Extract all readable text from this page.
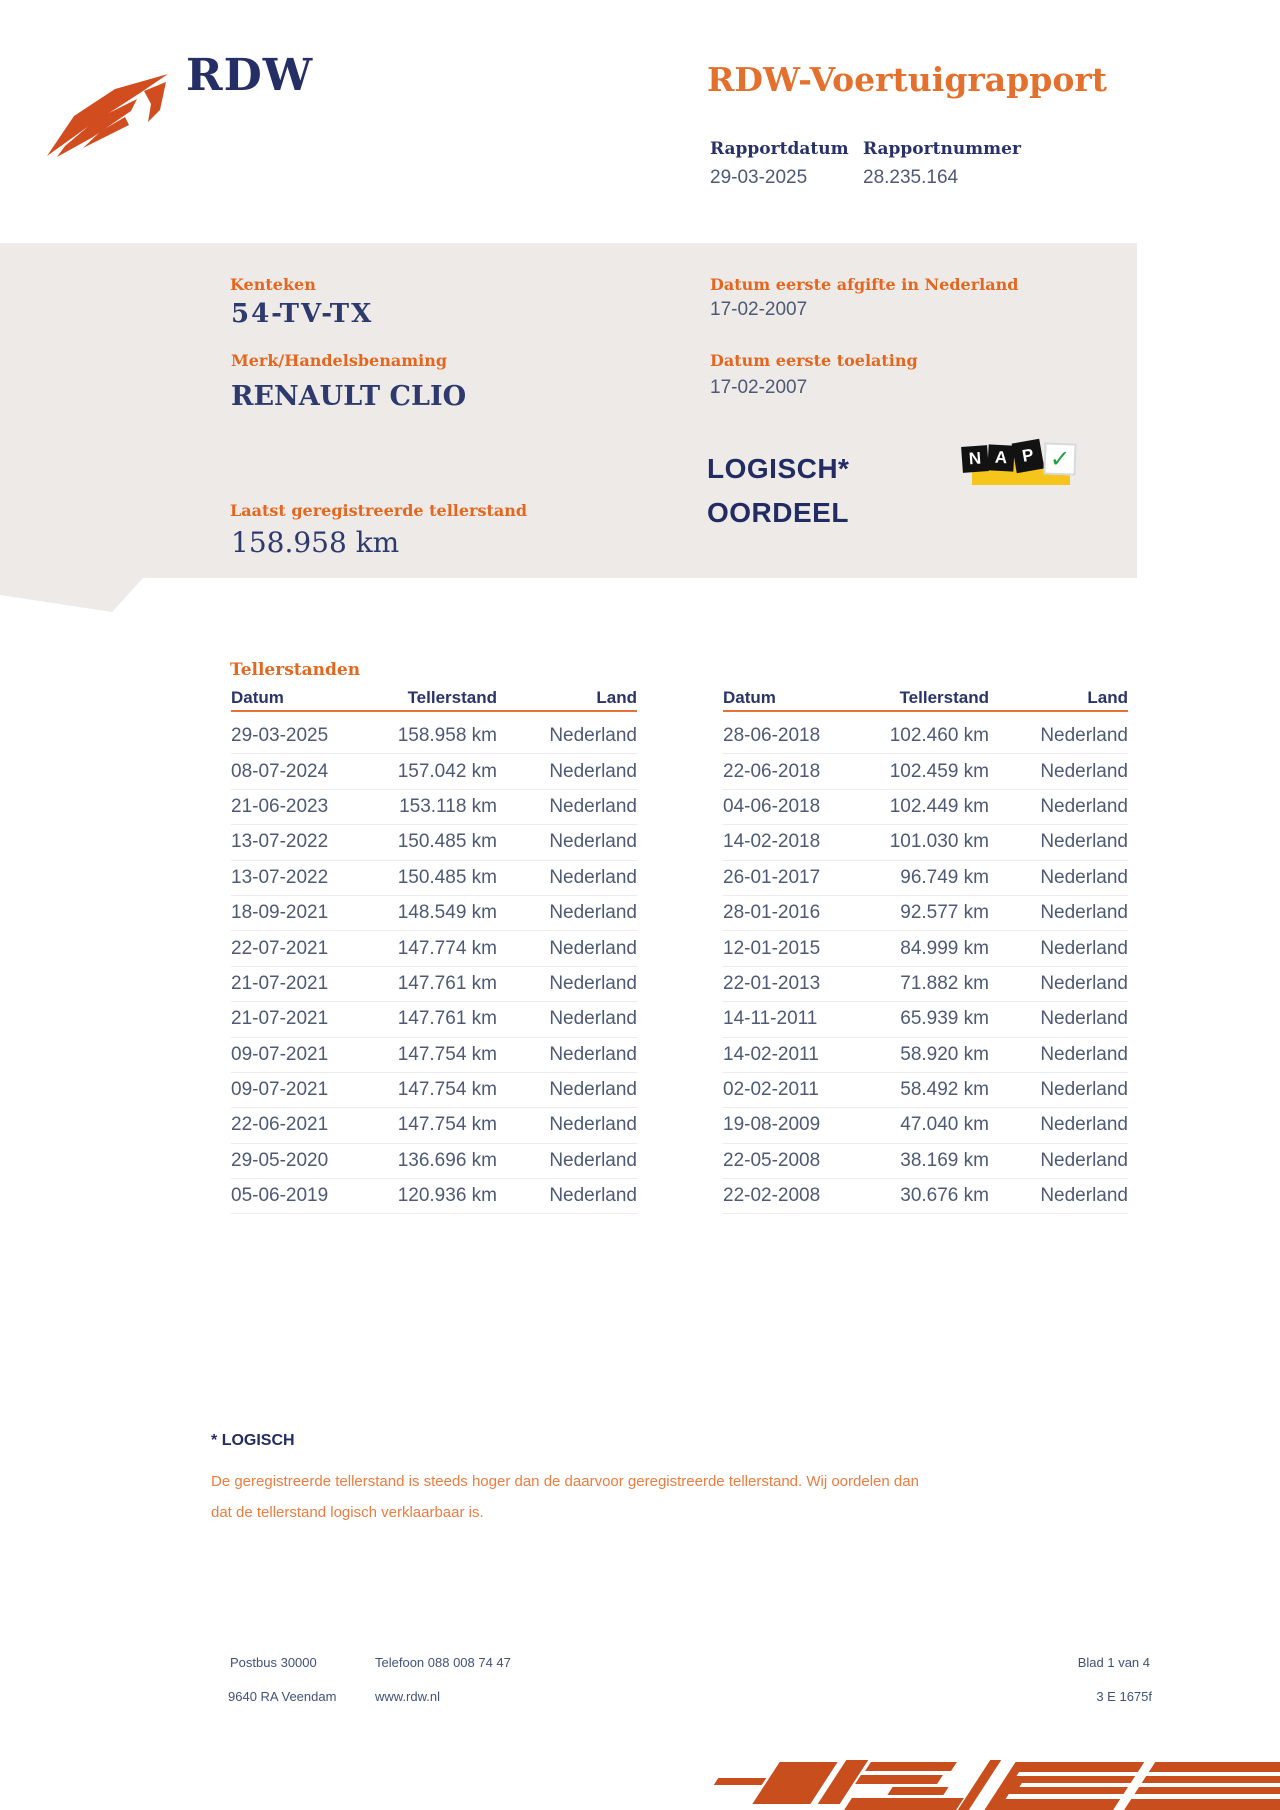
RDW	RDW-Voertuigrapport
Rapportdatum
29-03-2025
Rapportnummer
28.235.164
Kenteken
54-TV-TX
Merk/Handelsbenaming
RENAULT CLIO
Datum eerste afgifte in Nederland
17-02-2007
Datum eerste toelating
17-02-2007
LOGISCH*
OORDEEL
N A P ✓
Laatst geregistreerde tellerstand
158.958 km
Tellerstanden
Datum	Tellerstand	Land
29-03-2025	158.958 km	Nederland
08-07-2024	157.042 km	Nederland
21-06-2023	153.118 km	Nederland
13-07-2022	150.485 km	Nederland
13-07-2022	150.485 km	Nederland
18-09-2021	148.549 km	Nederland
22-07-2021	147.774 km	Nederland
21-07-2021	147.761 km	Nederland
21-07-2021	147.761 km	Nederland
09-07-2021	147.754 km	Nederland
09-07-2021	147.754 km	Nederland
22-06-2021	147.754 km	Nederland
29-05-2020	136.696 km	Nederland
05-06-2019	120.936 km	Nederland
Datum	Tellerstand	Land
28-06-2018	102.460 km	Nederland
22-06-2018	102.459 km	Nederland
04-06-2018	102.449 km	Nederland
14-02-2018	101.030 km	Nederland
26-01-2017	96.749 km	Nederland
28-01-2016	92.577 km	Nederland
12-01-2015	84.999 km	Nederland
22-01-2013	71.882 km	Nederland
14-11-2011	65.939 km	Nederland
14-02-2011	58.920 km	Nederland
02-02-2011	58.492 km	Nederland
19-08-2009	47.040 km	Nederland
22-05-2008	38.169 km	Nederland
22-02-2008	30.676 km	Nederland
* LOGISCH
De geregistreerde tellerstand is steeds hoger dan de daarvoor geregistreerde tellerstand. Wij oordelen dan
dat de tellerstand logisch verklaarbaar is.
Postbus 30000
9640 RA Veendam
Telefoon 088 008 74 47
www.rdw.nl
Blad 1 van 4
3 E 1675f
